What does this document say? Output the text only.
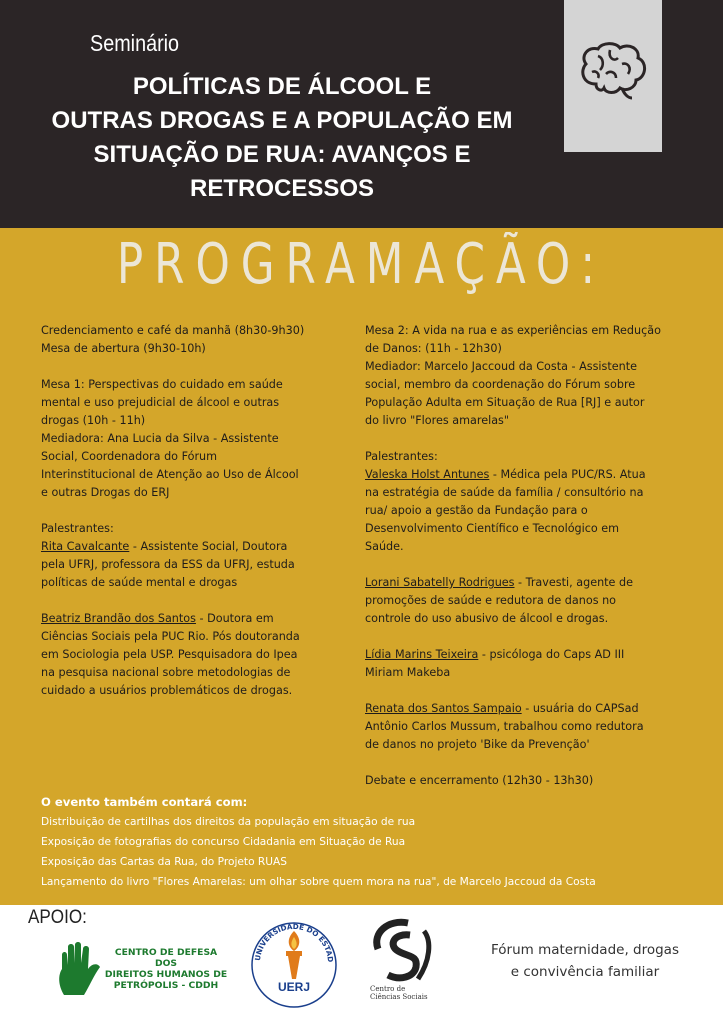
Seminário
POLÍTICAS DE ÁLCOOL E
OUTRAS DROGAS E A POPULAÇÃO EM
SITUAÇÃO DE RUA: AVANÇOS E
RETROCESSOS
PROGRAMAÇÃO:

Credenciamento e café da manhã (8h30-9h30)

Mesa de abertura (9h30-10h)

Mesa 1: Perspectivas do cuidado em saúde

mental e uso prejudicial de álcool e outras

drogas (10h - 11h)

Mediadora: Ana Lucia da Silva - Assistente

Social, Coordenadora do Fórum

Interinstitucional de Atenção ao Uso de Álcool

e outras Drogas do ERJ

Palestrantes:

Rita Cavalcante - Assistente Social, Doutora

pela UFRJ, professora da ESS da UFRJ, estuda

políticas de saúde mental e drogas

Beatriz Brandão dos Santos - Doutora em

Ciências Sociais pela PUC Rio. Pós doutoranda

em Sociologia pela USP. Pesquisadora do Ipea

na pesquisa nacional sobre metodologias de

cuidado a usuários problemáticos de drogas.

Mesa 2: A vida na rua e as experiências em Redução

de Danos: (11h - 12h30)

Mediador: Marcelo Jaccoud da Costa - Assistente

social, membro da coordenação do Fórum sobre

População Adulta em Situação de Rua [RJ] e autor

do livro "Flores amarelas"

Palestrantes:

Valeska Holst Antunes - Médica pela PUC/RS. Atua

na estratégia de saúde da família / consultório na

rua/ apoio a gestão da Fundação para o

Desenvolvimento Científico e Tecnológico em

Saúde.

Lorani Sabatelly Rodrigues - Travesti, agente de

promoções de saúde e redutora de danos no

controle do uso abusivo de álcool e drogas.

Lídia Marins Teixeira - psicóloga do Caps AD III

Miriam Makeba

Renata dos Santos Sampaio - usuária do CAPSad

Antônio Carlos Mussum, trabalhou como redutora

de danos no projeto 'Bike da Prevenção'

Debate e encerramento (12h30 - 13h30)

O evento também contará com:
Distribuição de cartilhas dos direitos da população em situação de rua
Exposição de fotografias do concurso Cidadania em Situação de Rua
Exposição das Cartas da Rua, do Projeto RUAS
Lançamento do livro "Flores Amarelas: um olhar sobre quem mora na rua", de Marcelo Jaccoud da Costa
APOIO:
CENTRO DE DEFESA DOS
DIREITOS HUMANOS DE
PETRÓPOLIS - CDDH
UNIVERSIDADE DO ESTAD
UERJ	Centro de
Ciências Sociais
Fórum maternidade, drogas
e convivência familiar
